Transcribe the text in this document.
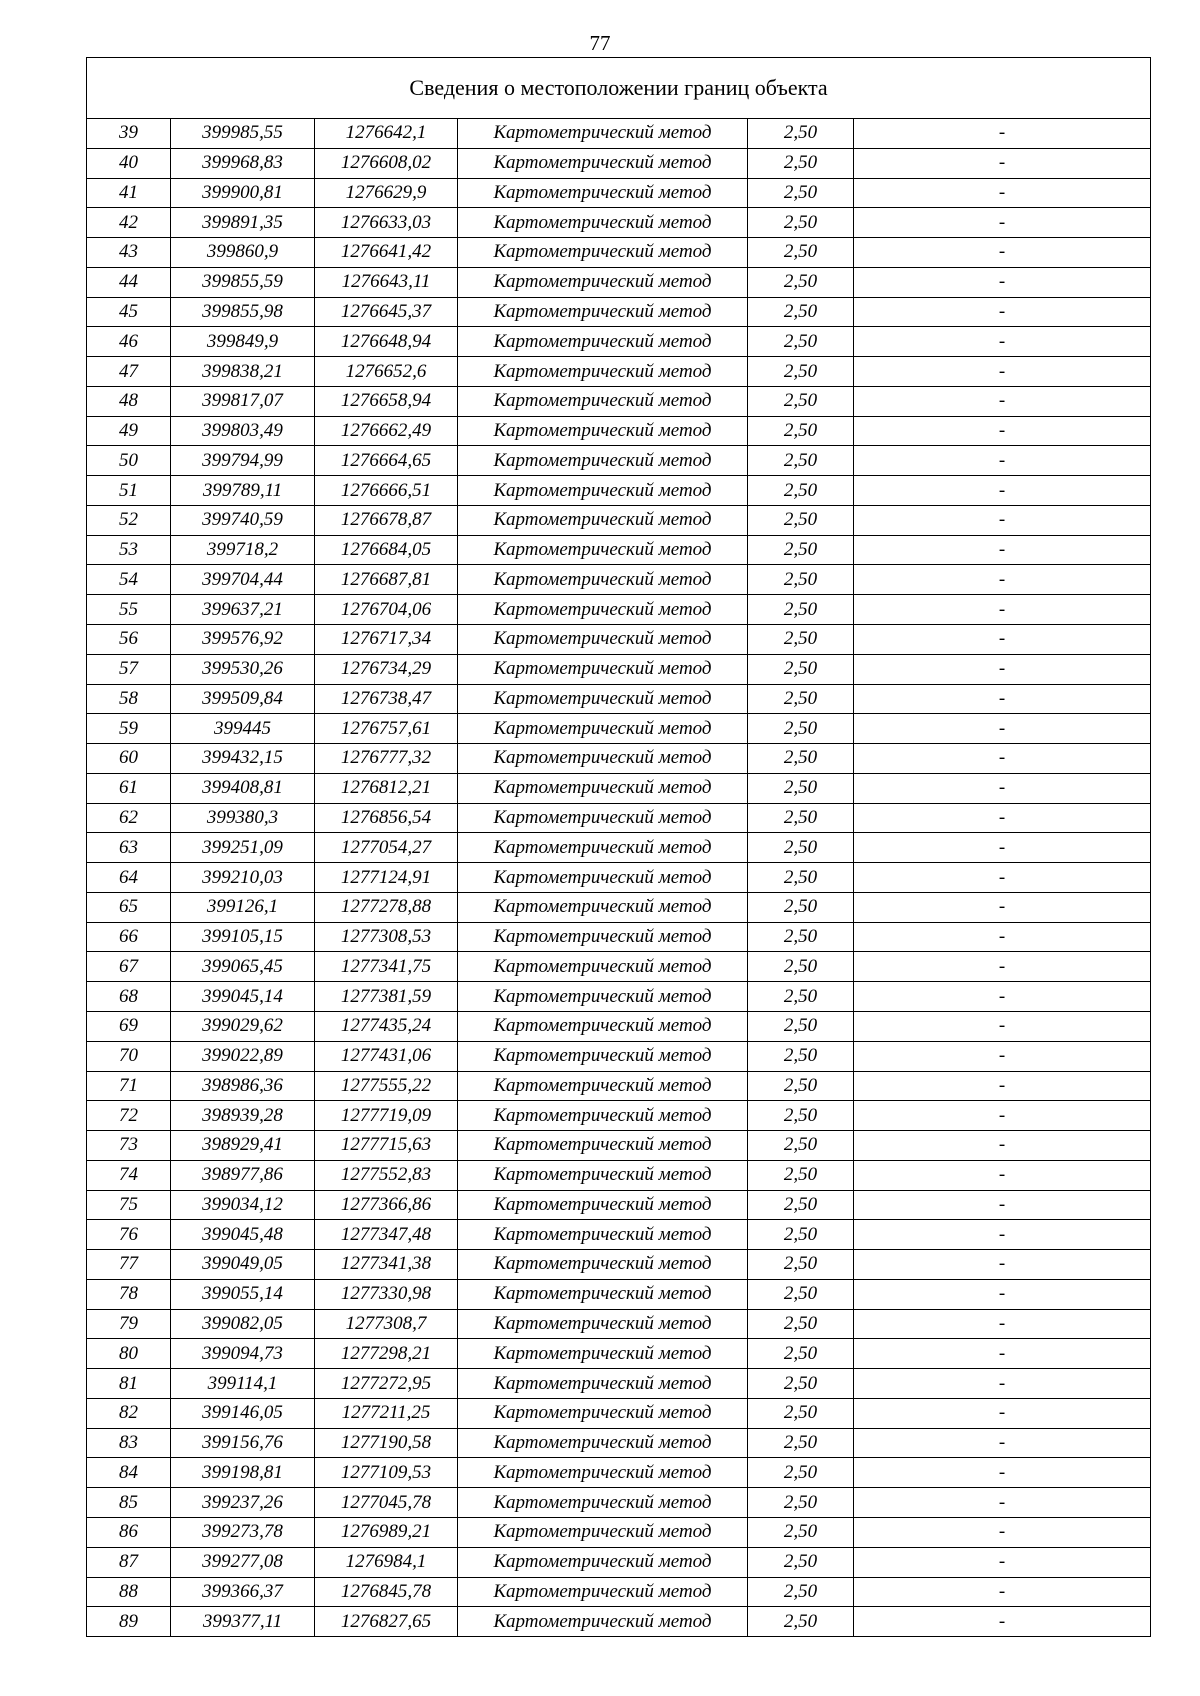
77
Сведения о местоположении границ объекта					
39	399985,55	1276642,1	Картометрический метод	2,50	-
40	399968,83	1276608,02	Картометрический метод	2,50	-
41	399900,81	1276629,9	Картометрический метод	2,50	-
42	399891,35	1276633,03	Картометрический метод	2,50	-
43	399860,9	1276641,42	Картометрический метод	2,50	-
44	399855,59	1276643,11	Картометрический метод	2,50	-
45	399855,98	1276645,37	Картометрический метод	2,50	-
46	399849,9	1276648,94	Картометрический метод	2,50	-
47	399838,21	1276652,6	Картометрический метод	2,50	-
48	399817,07	1276658,94	Картометрический метод	2,50	-
49	399803,49	1276662,49	Картометрический метод	2,50	-
50	399794,99	1276664,65	Картометрический метод	2,50	-
51	399789,11	1276666,51	Картометрический метод	2,50	-
52	399740,59	1276678,87	Картометрический метод	2,50	-
53	399718,2	1276684,05	Картометрический метод	2,50	-
54	399704,44	1276687,81	Картометрический метод	2,50	-
55	399637,21	1276704,06	Картометрический метод	2,50	-
56	399576,92	1276717,34	Картометрический метод	2,50	-
57	399530,26	1276734,29	Картометрический метод	2,50	-
58	399509,84	1276738,47	Картометрический метод	2,50	-
59	399445	1276757,61	Картометрический метод	2,50	-
60	399432,15	1276777,32	Картометрический метод	2,50	-
61	399408,81	1276812,21	Картометрический метод	2,50	-
62	399380,3	1276856,54	Картометрический метод	2,50	-
63	399251,09	1277054,27	Картометрический метод	2,50	-
64	399210,03	1277124,91	Картометрический метод	2,50	-
65	399126,1	1277278,88	Картометрический метод	2,50	-
66	399105,15	1277308,53	Картометрический метод	2,50	-
67	399065,45	1277341,75	Картометрический метод	2,50	-
68	399045,14	1277381,59	Картометрический метод	2,50	-
69	399029,62	1277435,24	Картометрический метод	2,50	-
70	399022,89	1277431,06	Картометрический метод	2,50	-
71	398986,36	1277555,22	Картометрический метод	2,50	-
72	398939,28	1277719,09	Картометрический метод	2,50	-
73	398929,41	1277715,63	Картометрический метод	2,50	-
74	398977,86	1277552,83	Картометрический метод	2,50	-
75	399034,12	1277366,86	Картометрический метод	2,50	-
76	399045,48	1277347,48	Картометрический метод	2,50	-
77	399049,05	1277341,38	Картометрический метод	2,50	-
78	399055,14	1277330,98	Картометрический метод	2,50	-
79	399082,05	1277308,7	Картометрический метод	2,50	-
80	399094,73	1277298,21	Картометрический метод	2,50	-
81	399114,1	1277272,95	Картометрический метод	2,50	-
82	399146,05	1277211,25	Картометрический метод	2,50	-
83	399156,76	1277190,58	Картометрический метод	2,50	-
84	399198,81	1277109,53	Картометрический метод	2,50	-
85	399237,26	1277045,78	Картометрический метод	2,50	-
86	399273,78	1276989,21	Картометрический метод	2,50	-
87	399277,08	1276984,1	Картометрический метод	2,50	-
88	399366,37	1276845,78	Картометрический метод	2,50	-
89	399377,11	1276827,65	Картометрический метод	2,50	-
